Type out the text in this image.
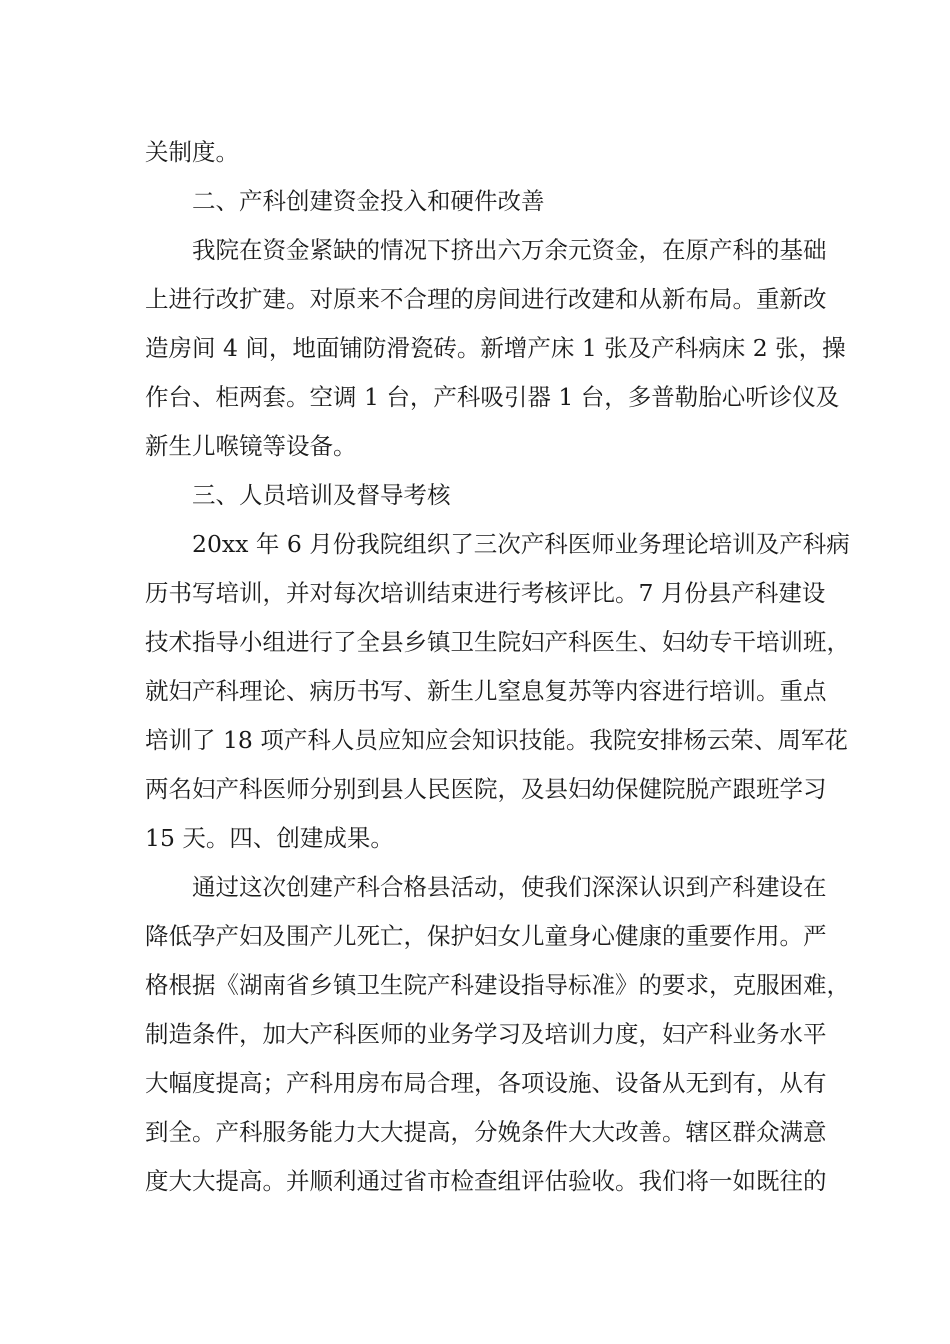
关制度。
二、产科创建资金投入和硬件改善
我院在资金紧缺的情况下挤出六万余元资金，在原产科的基础
上进行改扩建。对原来不合理的房间进行改建和从新布局。重新改
造房间 4 间，地面铺防滑瓷砖。新增产床 1 张及产科病床 2 张，操
作台、柜两套。空调 1 台，产科吸引器 1 台，多普勒胎心听诊仪及
新生儿喉镜等设备。
三、人员培训及督导考核
20xx 年 6 月份我院组织了三次产科医师业务理论培训及产科病
历书写培训，并对每次培训结束进行考核评比。7 月份县产科建设
技术指导小组进行了全县乡镇卫生院妇产科医生、妇幼专干培训班，
就妇产科理论、病历书写、新生儿窒息复苏等内容进行培训。重点
培训了 18 项产科人员应知应会知识技能。我院安排杨云荣、周军花
两名妇产科医师分别到县人民医院，及县妇幼保健院脱产跟班学习
15 天。四、创建成果。
通过这次创建产科合格县活动，使我们深深认识到产科建设在
降低孕产妇及围产儿死亡，保护妇女儿童身心健康的重要作用。严
格根据《湖南省乡镇卫生院产科建设指导标准》的要求，克服困难，
制造条件，加大产科医师的业务学习及培训力度，妇产科业务水平
大幅度提高；产科用房布局合理，各项设施、设备从无到有，从有
到全。产科服务能力大大提高，分娩条件大大改善。辖区群众满意
度大大提高。并顺利通过省市检查组评估验收。我们将一如既往的
